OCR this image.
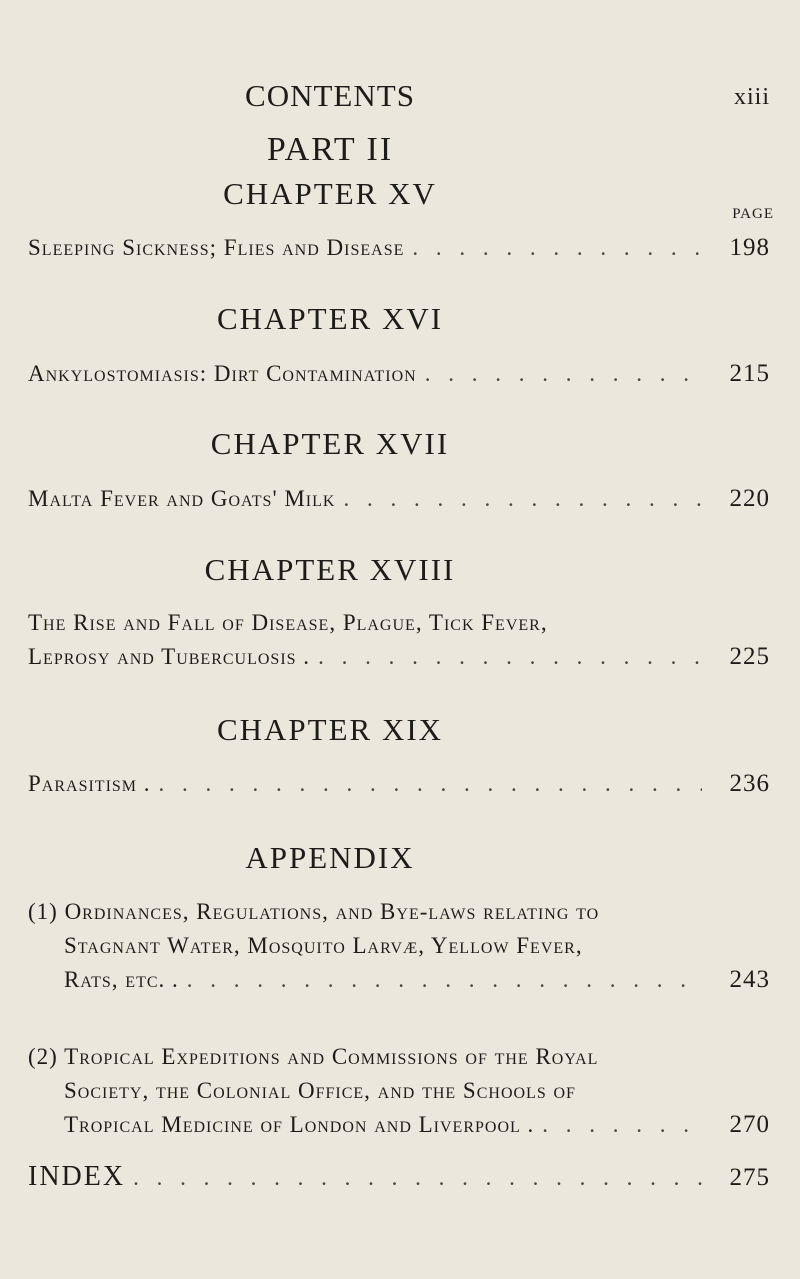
CONTENTS	xiii
PART II
PAGE
CHAPTER XV
Sleeping Sickness; Flies and Disease . . .	198
CHAPTER XVI
Ankylostomiasis: Dirt Contamination . . .	215
CHAPTER XVII
Malta Fever and Goats' Milk . . .	220
CHAPTER XVIII
The Rise and Fall of Disease, Plague, Tick Fever,
Leprosy and Tuberculosis . . . .	225
CHAPTER XIX
Parasitism . . . .	236
APPENDIX
(1) Ordinances, Regulations, and Bye-laws relating to
Stagnant Water, Mosquito Larvæ, Yellow Fever,
Rats, etc. . . . .	243
(2) Tropical Expeditions and Commissions of the Royal
Society, the Colonial Office, and the Schools of
Tropical Medicine of London and Liverpool . . . .	270
INDEX . . .	275
